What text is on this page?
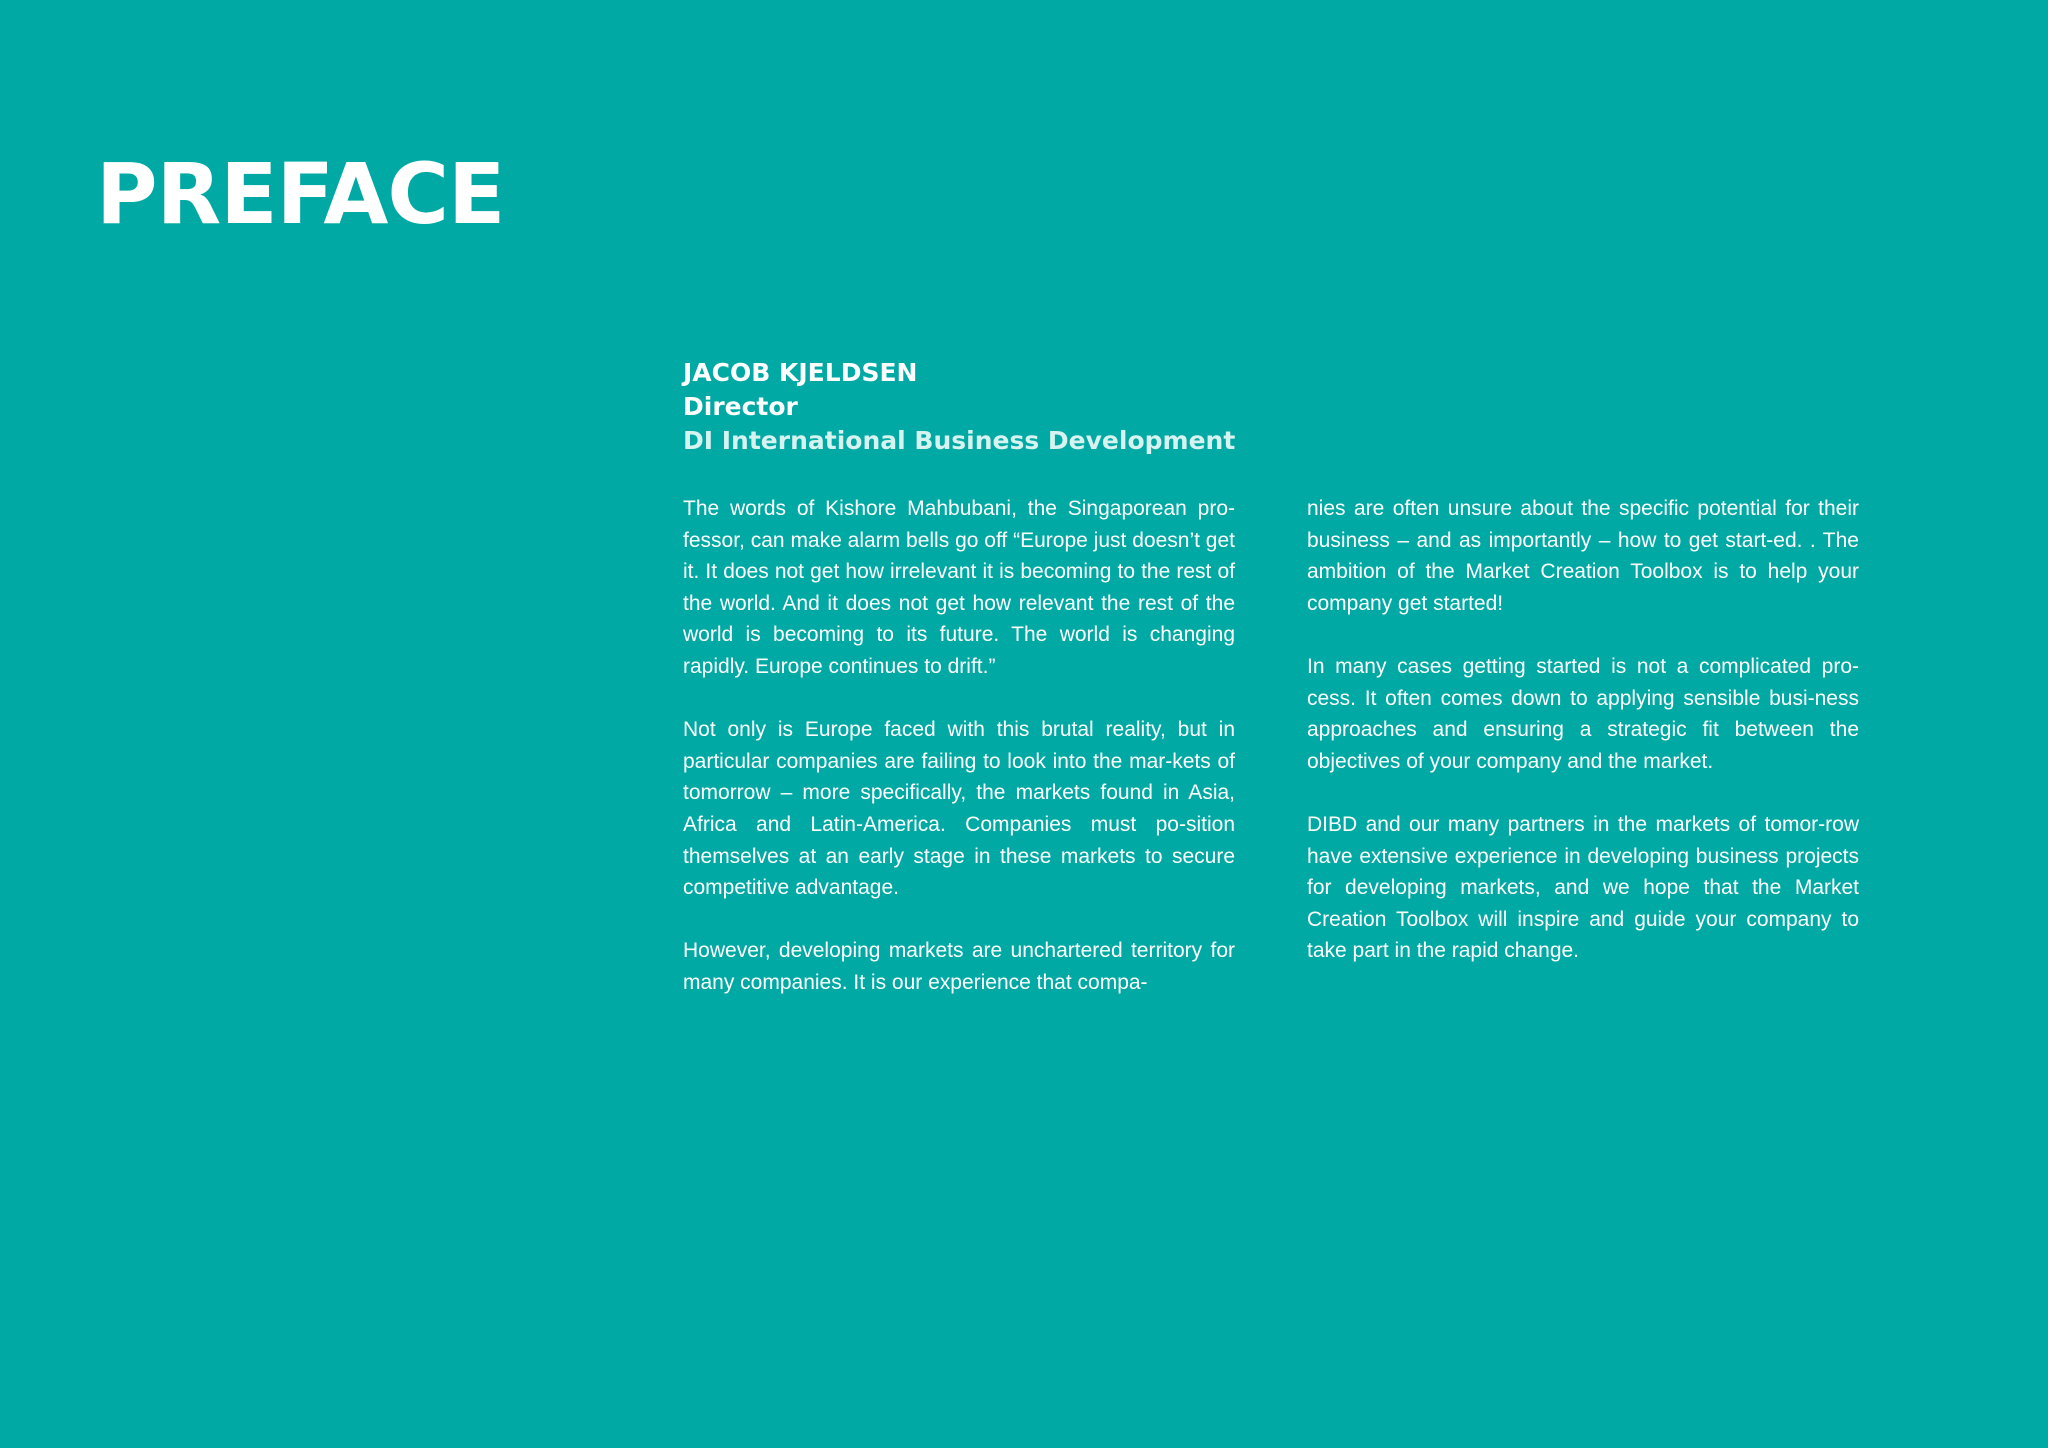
PREFACE
JACOB KJELDSEN
Director
DI International Business Development

The words of Kishore Mahbubani, the Singaporean pro-fessor, can make alarm bells go off “Europe just doesn’t get it. It does not get how irrelevant it is becoming to the rest of the world. And it does not get how relevant the rest of the world is becoming to its future. The world is changing rapidly. Europe continues to drift.”

Not only is Europe faced with this brutal reality, but in particular companies are failing to look into the mar-kets of tomorrow – more specifically, the markets found in Asia, Africa and Latin-America. Companies must po-sition themselves at an early stage in these markets to secure competitive advantage.

However, developing markets are unchartered territory for many companies. It is our experience that compa-

nies are often unsure about the specific potential for their business – and as importantly – how to get start-ed. . The ambition of the Market Creation Toolbox is to help your company get started!

In many cases getting started is not a complicated pro-cess. It often comes down to applying sensible busi-ness approaches and ensuring a strategic fit between the objectives of your company and the market.

DIBD and our many partners in the markets of tomor-row have extensive experience in developing business projects for developing markets, and we hope that the Market Creation Toolbox will inspire and guide your company to take part in the rapid change.
